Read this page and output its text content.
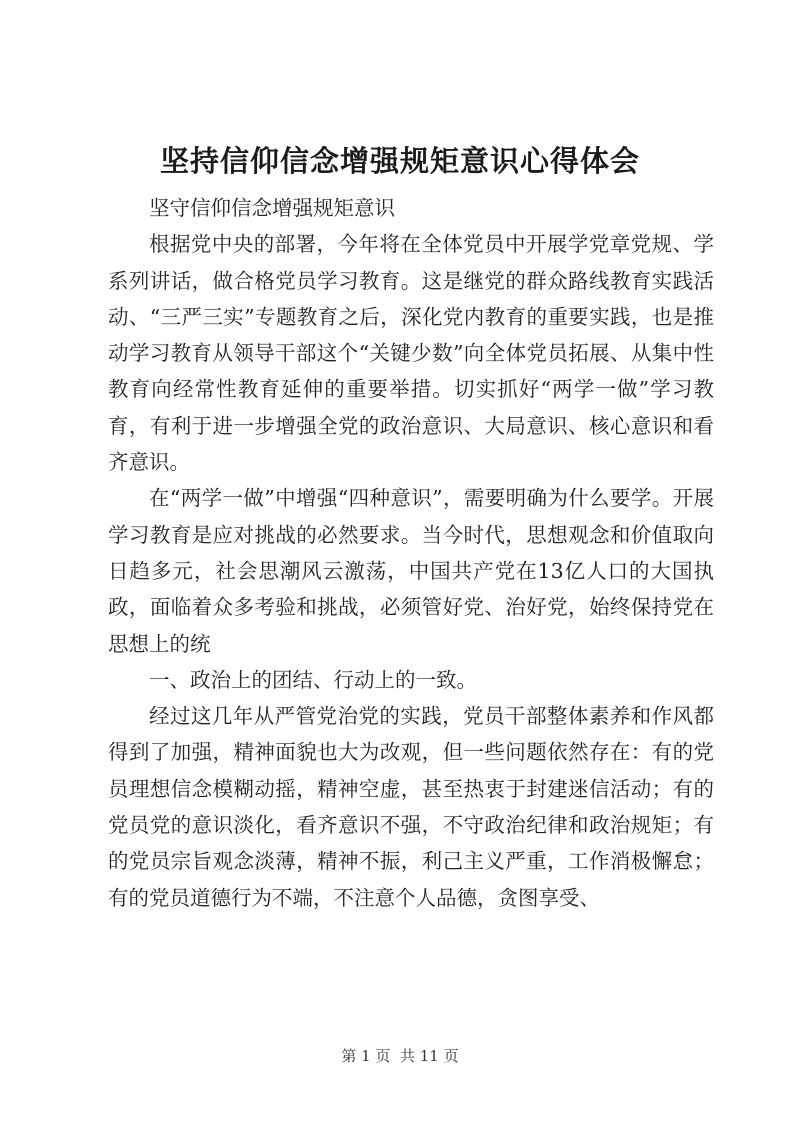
坚持信仰信念增强规矩意识心得体会

坚守信仰信念增强规矩意识

根据党中央的部署，今年将在全体党员中开展学党章党规、学系列讲话，做合格党员学习教育。这是继党的群众路线教育实践活动、“三严三实”专题教育之后，深化党内教育的重要实践，也是推动学习教育从领导干部这个“关键少数”向全体党员拓展、从集中性教育向经常性教育延伸的重要举措。切实抓好“两学一做”学习教育，有利于进一步增强全党的政治意识、大局意识、核心意识和看齐意识。

在“两学一做”中增强“四种意识”，需要明确为什么要学。开展学习教育是应对挑战的必然要求。当今时代，思想观念和价值取向日趋多元，社会思潮风云激荡，中国共产党在13亿人口的大国执政，面临着众多考验和挑战，必须管好党、治好党，始终保持党在思想上的统

一、政治上的团结、行动上的一致。

经过这几年从严管党治党的实践，党员干部整体素养和作风都得到了加强，精神面貌也大为改观，但一些问题依然存在：有的党员理想信念模糊动摇，精神空虚，甚至热衷于封建迷信活动；有的党员党的意识淡化，看齐意识不强，不守政治纪律和政治规矩；有的党员宗旨观念淡薄，精神不振，利己主义严重，工作消极懈怠；有的党员道德行为不端，不注意个人品德，贪图享受、

第 1 页  共 11 页
